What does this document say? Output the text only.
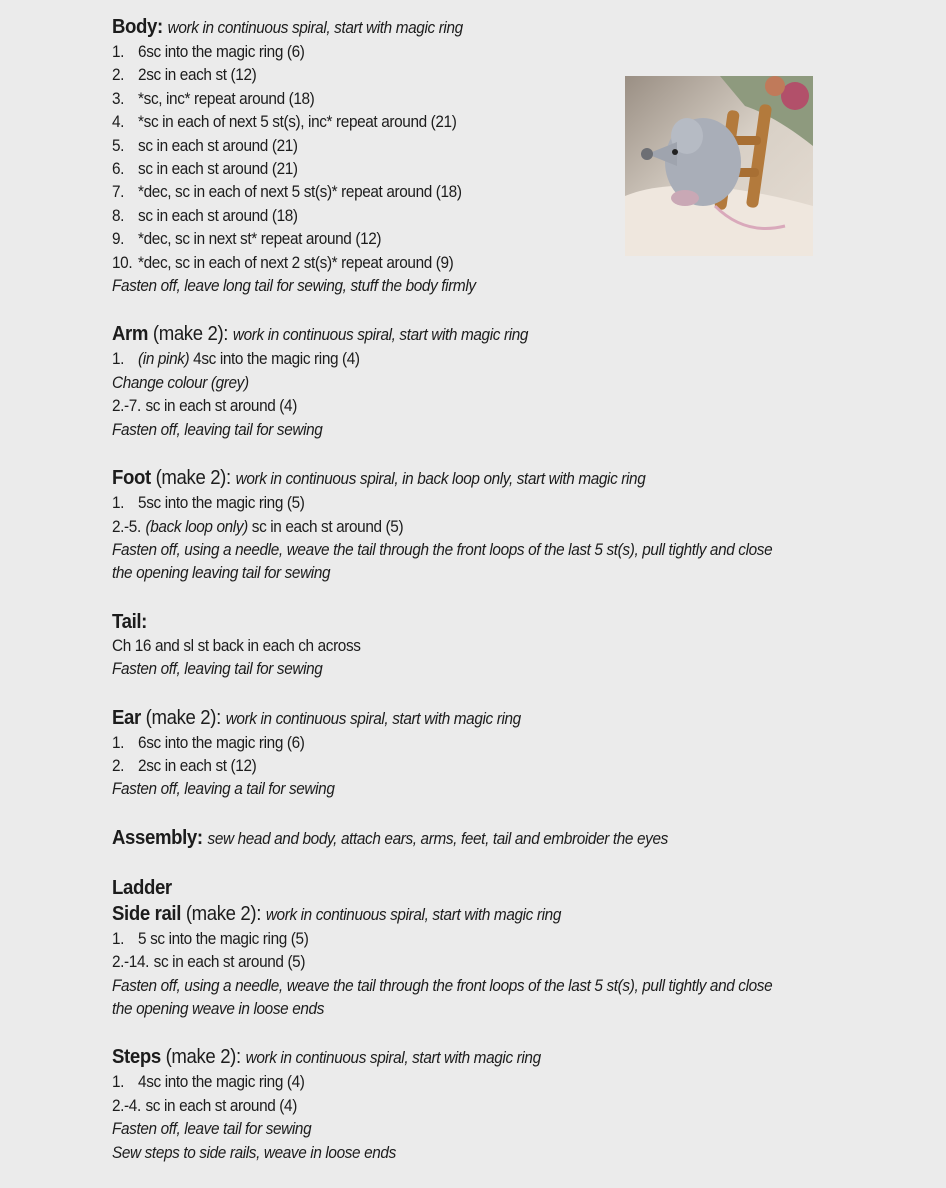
Body: work in continuous spiral, start with magic ring
1. 6sc into the magic ring (6)
2. 2sc in each st (12)
3. *sc, inc* repeat around (18)
4. *sc in each of next 5 st(s), inc* repeat around (21)
5. sc in each st around (21)
6. sc in each st around (21)
7. *dec, sc in each of next 5 st(s)* repeat around (18)
8. sc in each st around (18)
9. *dec, sc in next st* repeat around (12)
10. *dec, sc in each of next 2 st(s)* repeat around (9)
Fasten off, leave long tail for sewing, stuff the body firmly
Arm (make 2): work in continuous spiral, start with magic ring
1. (in pink) 4sc into the magic ring (4)
Change colour (grey)
2.-7. sc in each st around (4)
Fasten off, leaving tail for sewing
Foot (make 2): work in continuous spiral, in back loop only, start with magic ring
1. 5sc into the magic ring (5)
2.-5. (back loop only) sc in each st around (5)
Fasten off, using a needle, weave the tail through the front loops of the last 5 st(s), pull tightly and close
the opening leaving tail for sewing
Tail:
Ch 16 and sl st back in each ch across
Fasten off, leaving tail for sewing
Ear (make 2): work in continuous spiral, start with magic ring
1. 6sc into the magic ring (6)
2. 2sc in each st (12)
Fasten off, leaving a tail for sewing
Assembly: sew head and body, attach ears, arms, feet, tail and embroider the eyes
Ladder
Side rail (make 2): work in continuous spiral, start with magic ring
1. 5 sc into the magic ring (5)
2.-14. sc in each st around (5)
Fasten off, using a needle, weave the tail through the front loops of the last 5 st(s), pull tightly and close
the opening weave in loose ends
Steps (make 2): work in continuous spiral, start with magic ring
1. 4sc into the magic ring (4)
2.-4. sc in each st around (4)
Fasten off, leave tail for sewing
Sew steps to side rails, weave in loose ends
